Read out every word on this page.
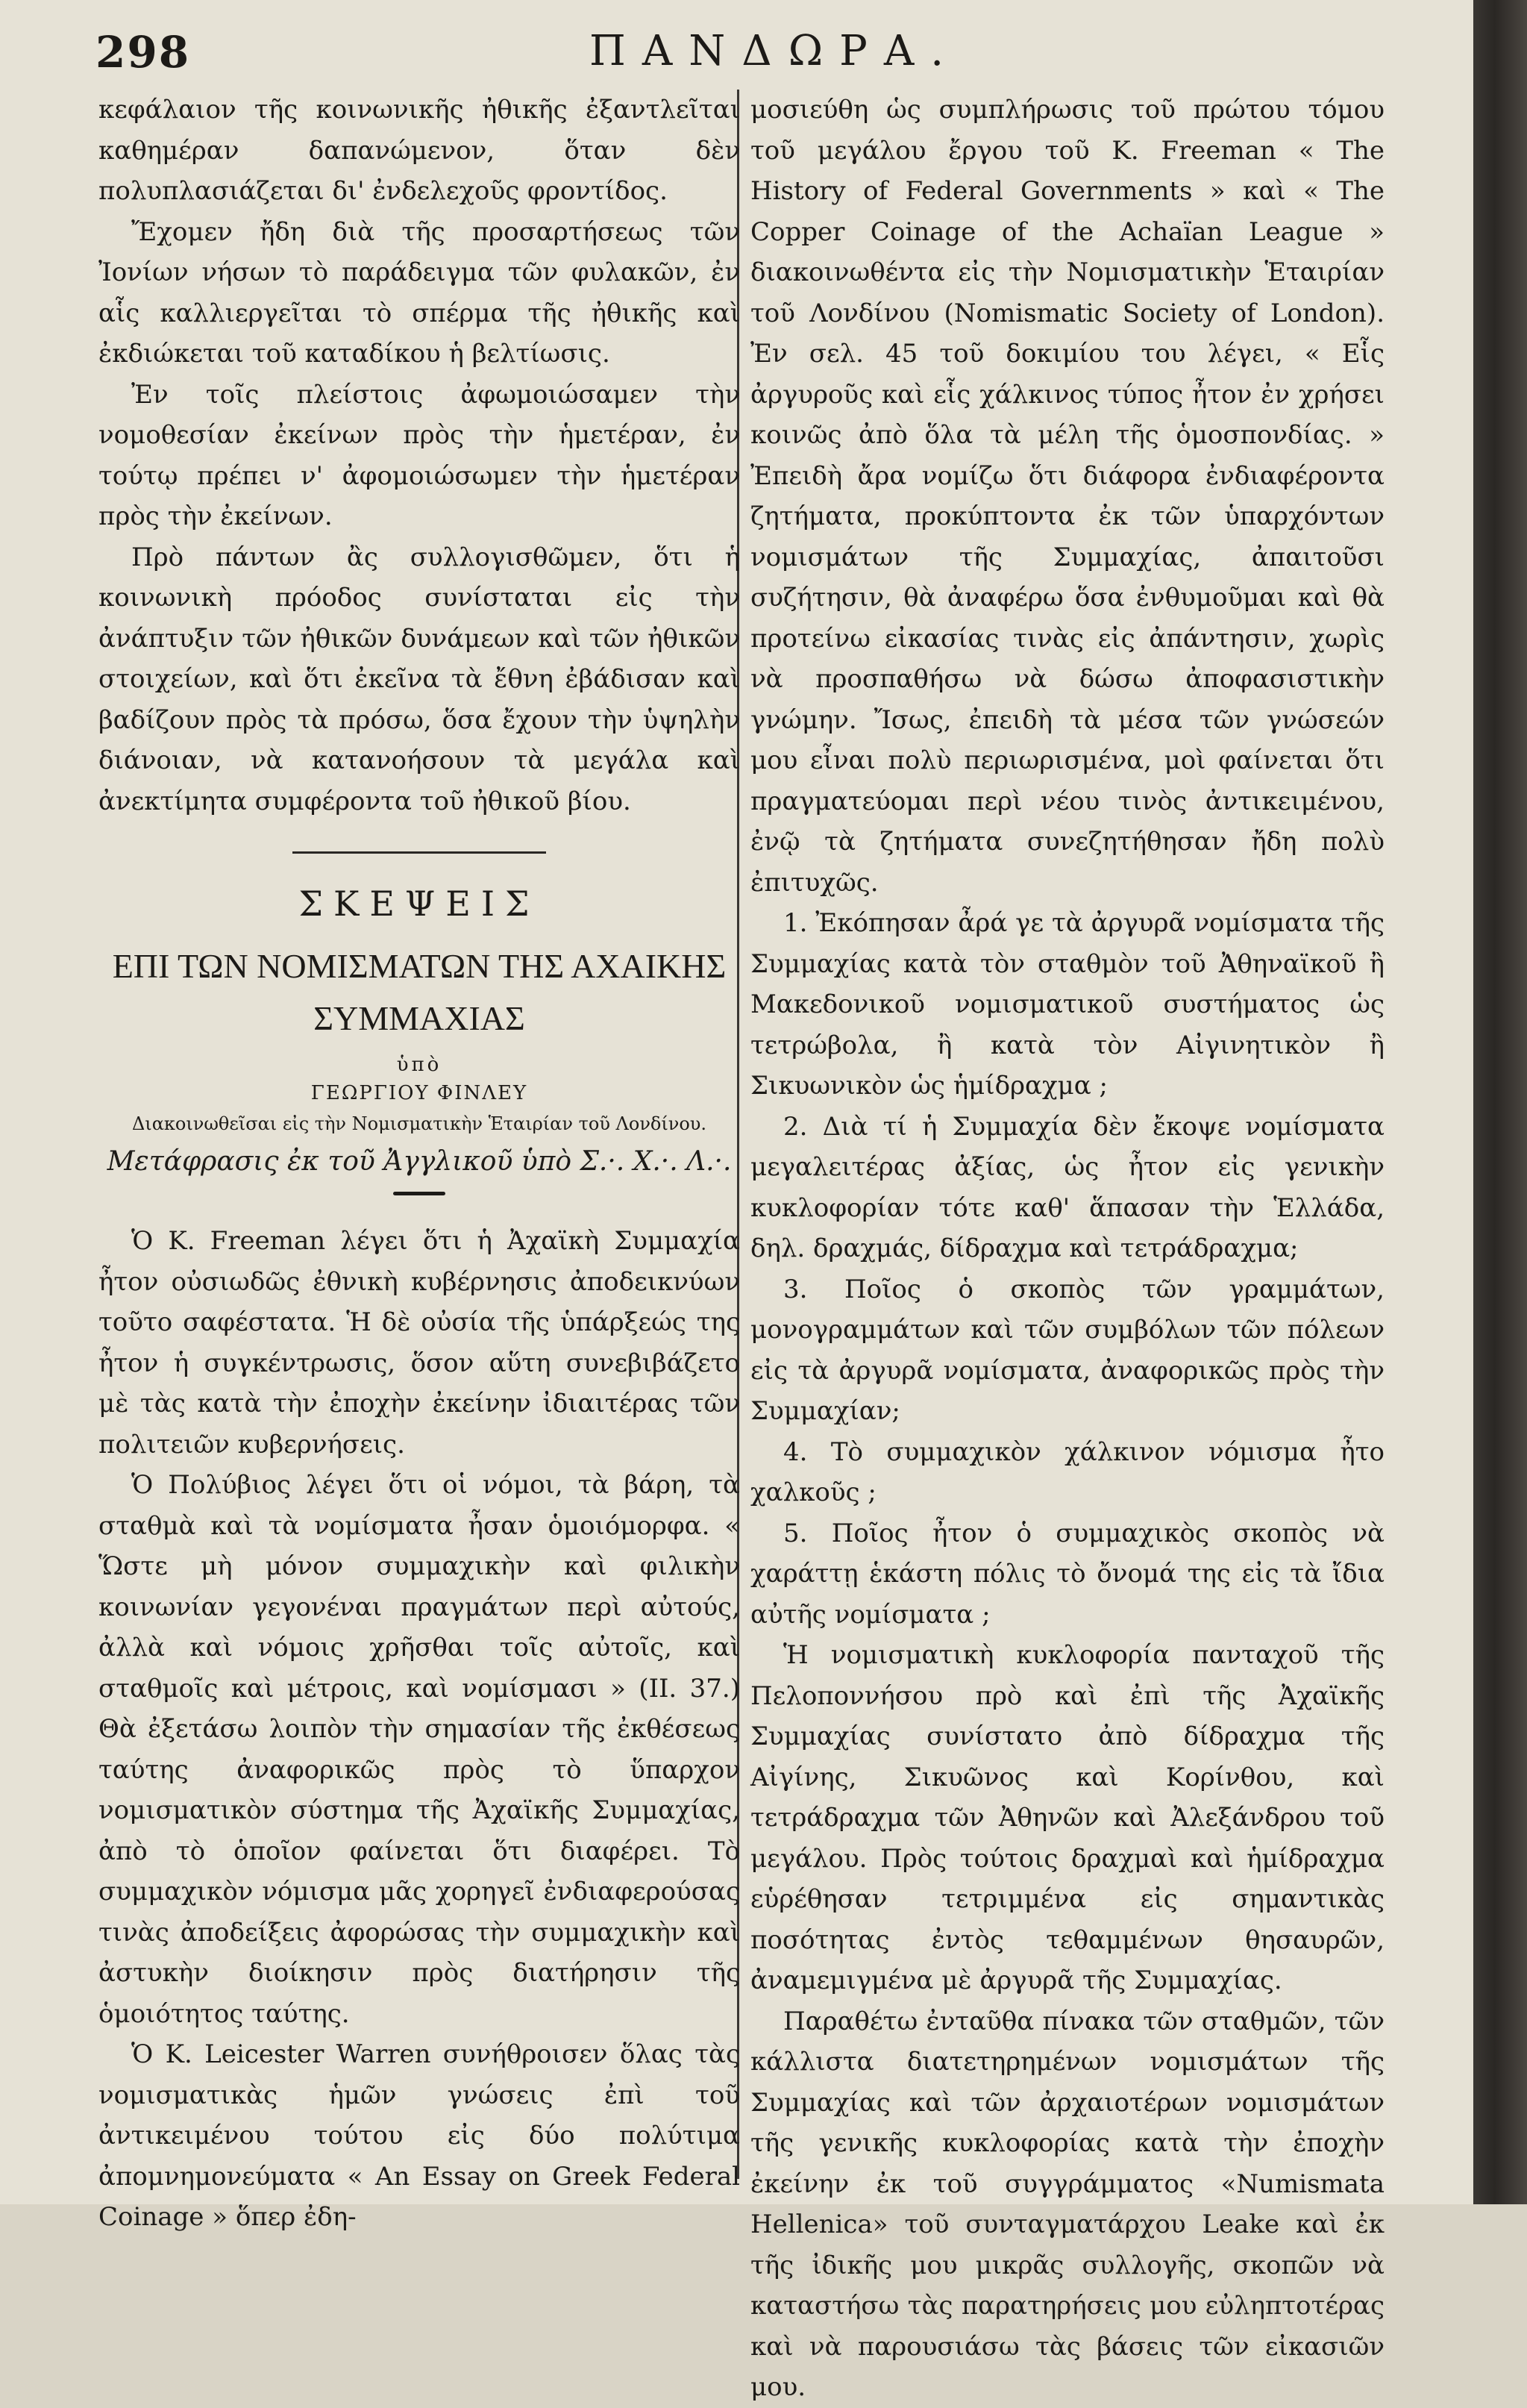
298	ΠΑΝΔΩΡΑ.

κεφάλαιον τῆς κοινωνικῆς ἠθικῆς ἐξαντλεῖται καθημέραν δαπανώμενον, ὅταν δὲν πολυπλασιάζεται δι' ἐνδελεχοῦς φροντίδος.

Ἔχομεν ἤδη διὰ τῆς προσαρτήσεως τῶν Ἰονίων νήσων τὸ παράδειγμα τῶν φυλακῶν, ἐν αἷς καλλιεργεῖται τὸ σπέρμα τῆς ἠθικῆς καὶ ἐκδιώκεται τοῦ καταδίκου ἡ βελτίωσις.

Ἐν τοῖς πλείστοις ἀφωμοιώσαμεν τὴν νομοθεσίαν ἐκείνων πρὸς τὴν ἡμετέραν, ἐν τούτῳ πρέπει ν' ἀφομοιώσωμεν τὴν ἡμετέραν πρὸς τὴν ἐκείνων.

Πρὸ πάντων ἂς συλλογισθῶμεν, ὅτι ἡ κοινωνικὴ πρόοδος συνίσταται εἰς τὴν ἀνάπτυξιν τῶν ἠθικῶν δυνάμεων καὶ τῶν ἠθικῶν στοιχείων, καὶ ὅτι ἐκεῖνα τὰ ἔθνη ἐβάδισαν καὶ βαδίζουν πρὸς τὰ πρόσω, ὅσα ἔχουν τὴν ὑψηλὴν διάνοιαν, νὰ κατανοήσουν τὰ μεγάλα καὶ ἀνεκτίμητα συμφέροντα τοῦ ἠθικοῦ βίου.

ΣΚΕΨΕΙΣ
ΕΠΙ ΤΩΝ ΝΟΜΙΣΜΑΤΩΝ ΤΗΣ ΑΧΑΙΚΗΣ
ΣΥΜΜΑΧΙΑΣ
ὑπὸ
ΓΕΩΡΓΙΟΥ ΦΙΝΛΕΥ
Διακοινωθεῖσαι εἰς τὴν Νομισματικὴν Ἑταιρίαν τοῦ Λονδίνου.
Μετάφρασις ἐκ τοῦ Ἀγγλικοῦ ὑπὸ Σ.·. Χ.·. Λ.·.

Ὁ Κ. Freeman λέγει ὅτι ἡ Ἀχαϊκὴ Συμμαχία ἦτον οὐσιωδῶς ἐθνικὴ κυβέρνησις ἀποδεικνύων τοῦτο σαφέστατα. Ἡ δὲ οὐσία τῆς ὑπάρξεώς της ἦτον ἡ συγκέντρωσις, ὅσον αὕτη συνεβιβάζετο μὲ τὰς κατὰ τὴν ἐποχὴν ἐκείνην ἰδιαιτέρας τῶν πολιτειῶν κυβερνήσεις.

Ὁ Πολύβιος λέγει ὅτι οἱ νόμοι, τὰ βάρη, τὰ σταθμὰ καὶ τὰ νομίσματα ἦσαν ὁμοιόμορφα. « Ὥστε μὴ μόνον συμμαχικὴν καὶ φιλικὴν κοινωνίαν γεγονέναι πραγμάτων περὶ αὐτούς, ἀλλὰ καὶ νόμοις χρῆσθαι τοῖς αὐτοῖς, καὶ σταθμοῖς καὶ μέτροις, καὶ νομίσμασι » (II. 37.) Θὰ ἐξετάσω λοιπὸν τὴν σημασίαν τῆς ἐκθέσεως ταύτης ἀναφορικῶς πρὸς τὸ ὕπαρχον νομισματικὸν σύστημα τῆς Ἀχαϊκῆς Συμμαχίας, ἀπὸ τὸ ὁποῖον φαίνεται ὅτι διαφέρει. Τὸ συμμαχικὸν νόμισμα μᾶς χορηγεῖ ἐνδιαφερούσας τινὰς ἀποδείξεις ἀφορώσας τὴν συμμαχικὴν καὶ ἀστυκὴν διοίκησιν πρὸς διατήρησιν τῆς ὁμοιότητος ταύτης.

Ὁ Κ. Leicester Warren συνήθροισεν ὅλας τὰς νομισματικὰς ἡμῶν γνώσεις ἐπὶ τοῦ ἀντικειμένου τούτου εἰς δύο πολύτιμα ἀπομνημονεύματα « An Essay on Greek Federal Coinage » ὅπερ ἐδη-

μοσιεύθη ὡς συμπλήρωσις τοῦ πρώτου τόμου τοῦ μεγάλου ἔργου τοῦ Κ. Freeman « The History of Federal Governments » καὶ « The Copper Coinage of the Achaïan League » διακοινωθέντα εἰς τὴν Νομισματικὴν Ἑταιρίαν τοῦ Λονδίνου (Nomismatic Society of London). Ἐν σελ. 45 τοῦ δοκιμίου του λέγει, « Εἷς ἀργυροῦς καὶ εἷς χάλκινος τύπος ἦτον ἐν χρήσει κοινῶς ἀπὸ ὅλα τὰ μέλη τῆς ὁμοσπονδίας. » Ἐπειδὴ ἄρα νομίζω ὅτι διάφορα ἐνδιαφέροντα ζητήματα, προκύπτοντα ἐκ τῶν ὑπαρχόντων νομισμάτων τῆς Συμμαχίας, ἀπαιτοῦσι συζήτησιν, θὰ ἀναφέρω ὅσα ἐνθυμοῦμαι καὶ θὰ προτείνω εἰκασίας τινὰς εἰς ἀπάντησιν, χωρὶς νὰ προσπαθήσω νὰ δώσω ἀποφασιστικὴν γνώμην. Ἴσως, ἐπειδὴ τὰ μέσα τῶν γνώσεών μου εἶναι πολὺ περιωρισμένα, μοὶ φαίνεται ὅτι πραγματεύομαι περὶ νέου τινὸς ἀντικειμένου, ἐνῷ τὰ ζητήματα συνεζητήθησαν ἤδη πολὺ ἐπιτυχῶς.

1. Ἐκόπησαν ἆρά γε τὰ ἀργυρᾶ νομίσματα τῆς Συμμαχίας κατὰ τὸν σταθμὸν τοῦ Ἀθηναϊκοῦ ἢ Μακεδονικοῦ νομισματικοῦ συστήματος ὡς τετρώβολα, ἢ κατὰ τὸν Αἰγινητικὸν ἢ Σικυωνικὸν ὡς ἡμίδραχμα ;

2. Διὰ τί ἡ Συμμαχία δὲν ἔκοψε νομίσματα μεγαλειτέρας ἀξίας, ὡς ἦτον εἰς γενικὴν κυκλοφορίαν τότε καθ' ἅπασαν τὴν Ἑλλάδα, δηλ. δραχμάς, δίδραχμα καὶ τετράδραχμα;

3. Ποῖος ὁ σκοπὸς τῶν γραμμάτων, μονογραμμάτων καὶ τῶν συμβόλων τῶν πόλεων εἰς τὰ ἀργυρᾶ νομίσματα, ἀναφορικῶς πρὸς τὴν Συμμαχίαν;

4. Τὸ συμμαχικὸν χάλκινον νόμισμα ἦτο χαλκοῦς ;

5. Ποῖος ἦτον ὁ συμμαχικὸς σκοπὸς νὰ χαράττῃ ἑκάστη πόλις τὸ ὄνομά της εἰς τὰ ἴδια αὐτῆς νομίσματα ;

Ἡ νομισματικὴ κυκλοφορία πανταχοῦ τῆς Πελοποννήσου πρὸ καὶ ἐπὶ τῆς Ἀχαϊκῆς Συμμαχίας συνίστατο ἀπὸ δίδραχμα τῆς Αἰγίνης, Σικυῶνος καὶ Κορίνθου, καὶ τετράδραχμα τῶν Ἀθηνῶν καὶ Ἀλεξάνδρου τοῦ μεγάλου. Πρὸς τούτοις δραχμαὶ καὶ ἡμίδραχμα εὑρέθησαν τετριμμένα εἰς σημαντικὰς ποσότητας ἐντὸς τεθαμμένων θησαυρῶν, ἀναμεμιγμένα μὲ ἀργυρᾶ τῆς Συμμαχίας.

Παραθέτω ἐνταῦθα πίνακα τῶν σταθμῶν, τῶν κάλλιστα διατετηρημένων νομισμάτων τῆς Συμμαχίας καὶ τῶν ἀρχαιοτέρων νομισμάτων τῆς γενικῆς κυκλοφορίας κατὰ τὴν ἐποχὴν ἐκείνην ἐκ τοῦ συγγράμματος «Numismata Hellenica» τοῦ συνταγματάρχου Leake καὶ ἐκ τῆς ἰδικῆς μου μικρᾶς συλλογῆς, σκοπῶν νὰ καταστήσω τὰς παρατηρήσεις μου εὐληπτοτέρας καὶ νὰ παρουσιάσω τὰς βάσεις τῶν εἰκασιῶν μου.
